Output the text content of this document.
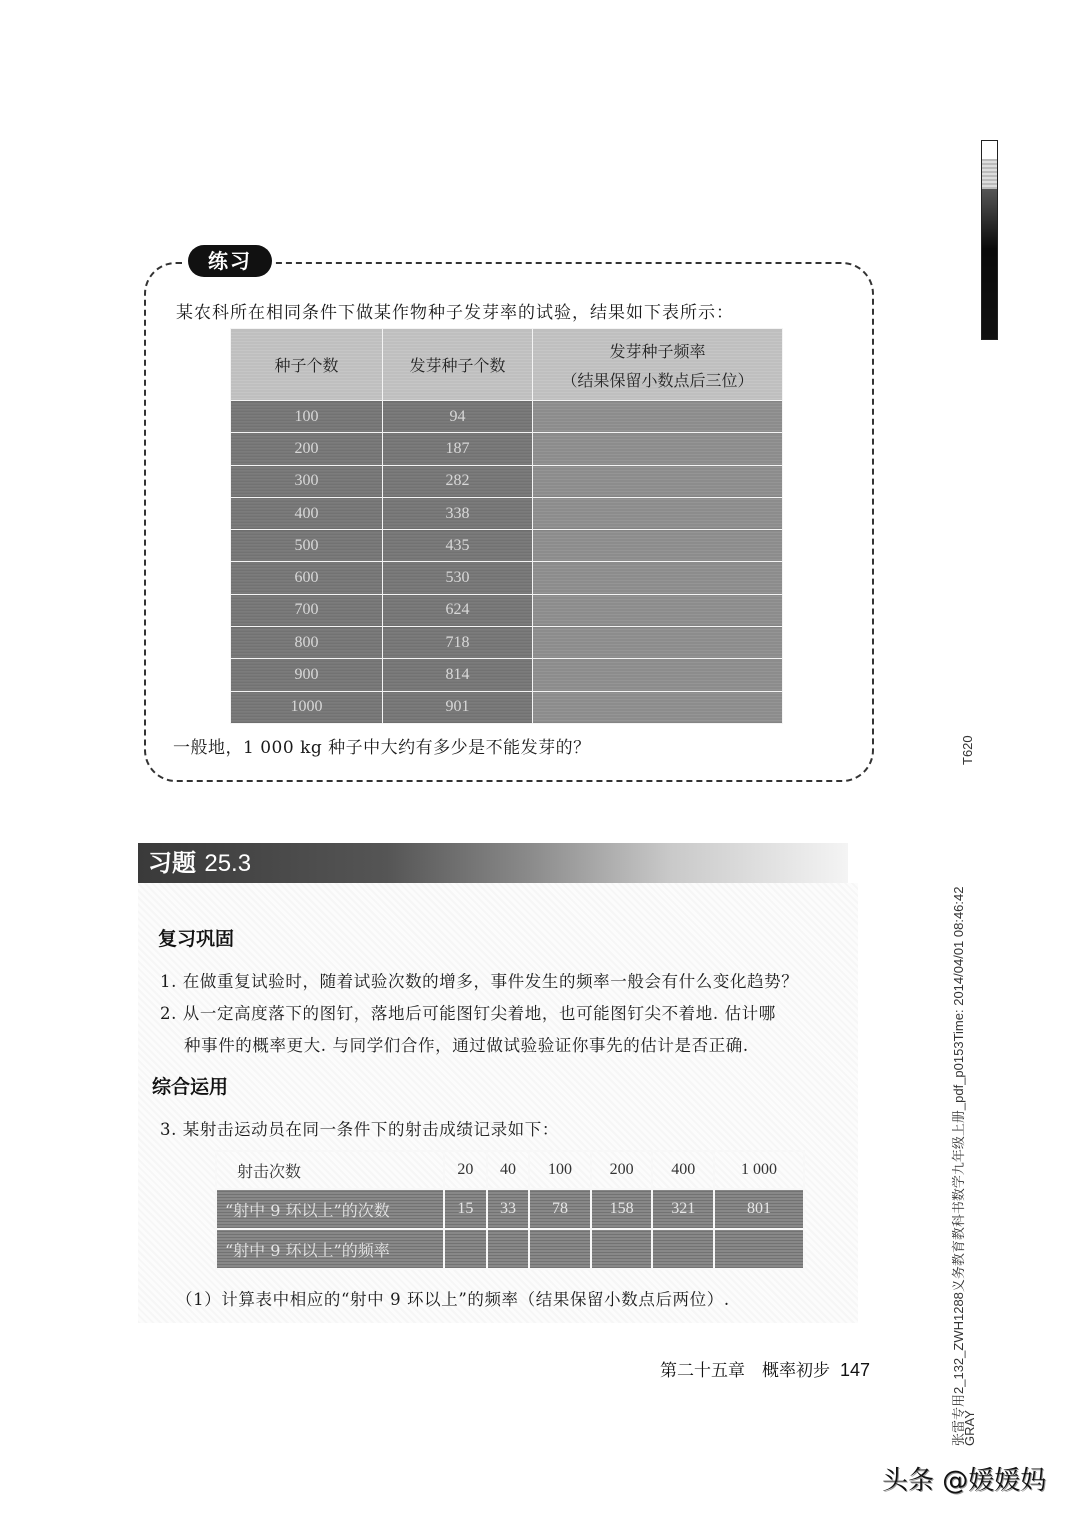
练习
某农科所在相同条件下做某作物种子发芽率的试验，结果如下表所示：
种子个数	发芽种子个数	发芽种子频率
（结果保留小数点后三位）

100	94	
200	187	
300	282	
400	338	
500	435	
600	530	
700	624	
800	718	
900	814	
1000	901	
一般地，1 000 kg 种子中大约有多少是不能发芽的？
习题 25.3
复习巩固
1. 在做重复试验时，随着试验次数的增多，事件发生的频率一般会有什么变化趋势？
2. 从一定高度落下的图钉，落地后可能图钉尖着地，也可能图钉尖不着地. 估计哪
种事件的概率更大. 与同学们合作，通过做试验验证你事先的估计是否正确.
综合运用
3. 某射击运动员在同一条件下的射击成绩记录如下：
射击次数	20	40	100	200	400	1 000
“射中 9 环以上”的次数	15	33	78	158	321	801
“射中 9 环以上”的频率						
（1）计算表中相应的“射中 9 环以上”的频率（结果保留小数点后两位）.
第二十五章　概率初步 147
T620
张雷专用2_132_ZWH1288义务教育教科书数学九年级上册_pdf_p0153Time: 2014/04/01 08:46:42
GRAY
头条 @媛媛妈
